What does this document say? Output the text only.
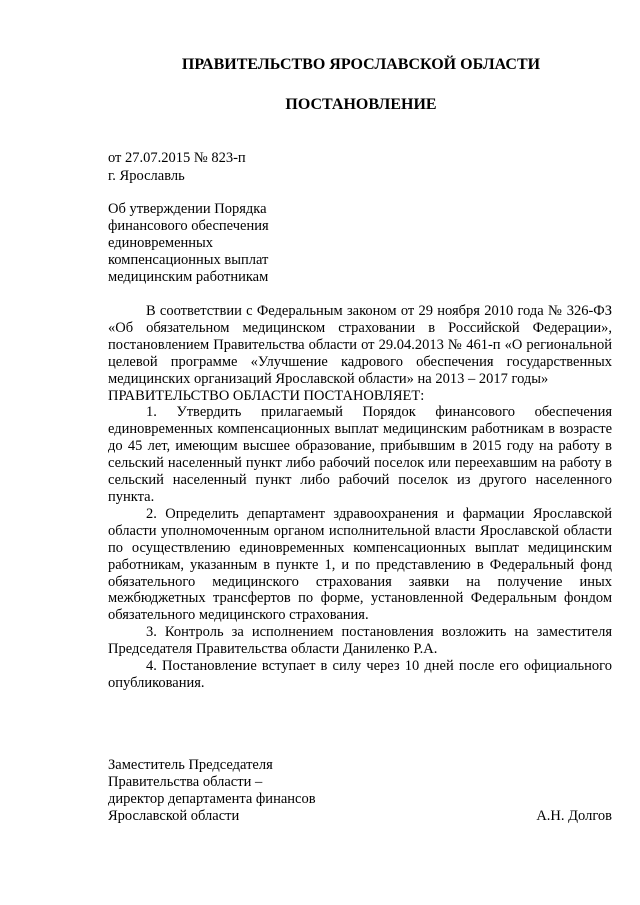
ПРАВИТЕЛЬСТВО ЯРОСЛАВСКОЙ ОБЛАСТИ
ПОСТАНОВЛЕНИЕ
от 27.07.2015 № 823-п
г. Ярославль
Об утверждении Порядка
финансового обеспечения
единовременных
компенсационных выплат
медицинским работникам

В соответствии с Федеральным законом от 29 ноября 2010 года № 326-ФЗ «Об обязательном медицинском страховании в Российской Федерации», постановлением Правительства области от 29.04.2013 № 461-п «О региональной целевой программе «Улучшение кадрового обеспечения государственных медицинских организаций Ярославской области» на 2013 – 2017 годы»

ПРАВИТЕЛЬСТВО ОБЛАСТИ ПОСТАНОВЛЯЕТ:

1. Утвердить прилагаемый Порядок финансового обеспечения единовременных компенсационных выплат медицинским работникам в возрасте до 45 лет, имеющим высшее образование, прибывшим в 2015 году на работу в сельский населенный пункт либо рабочий поселок или переехавшим на работу в сельский населенный пункт либо рабочий поселок из другого населенного пункта.

2. Определить департамент здравоохранения и фармации Ярославской области уполномоченным органом исполнительной власти Ярославской области по осуществлению единовременных компенсационных выплат медицинским работникам, указанным в пункте 1, и по представлению в Федеральный фонд обязательного медицинского страхования заявки на получение иных межбюджетных трансфертов по форме, установленной Федеральным фондом обязательного медицинского страхования.

3. Контроль за исполнением постановления возложить на заместителя Председателя Правительства области Даниленко Р.А.

4. Постановление вступает в силу через 10 дней после его официального опубликования.

Заместитель Председателя
Правительства области –
директор департамента финансов
Ярославской области	А.Н. Долгов
